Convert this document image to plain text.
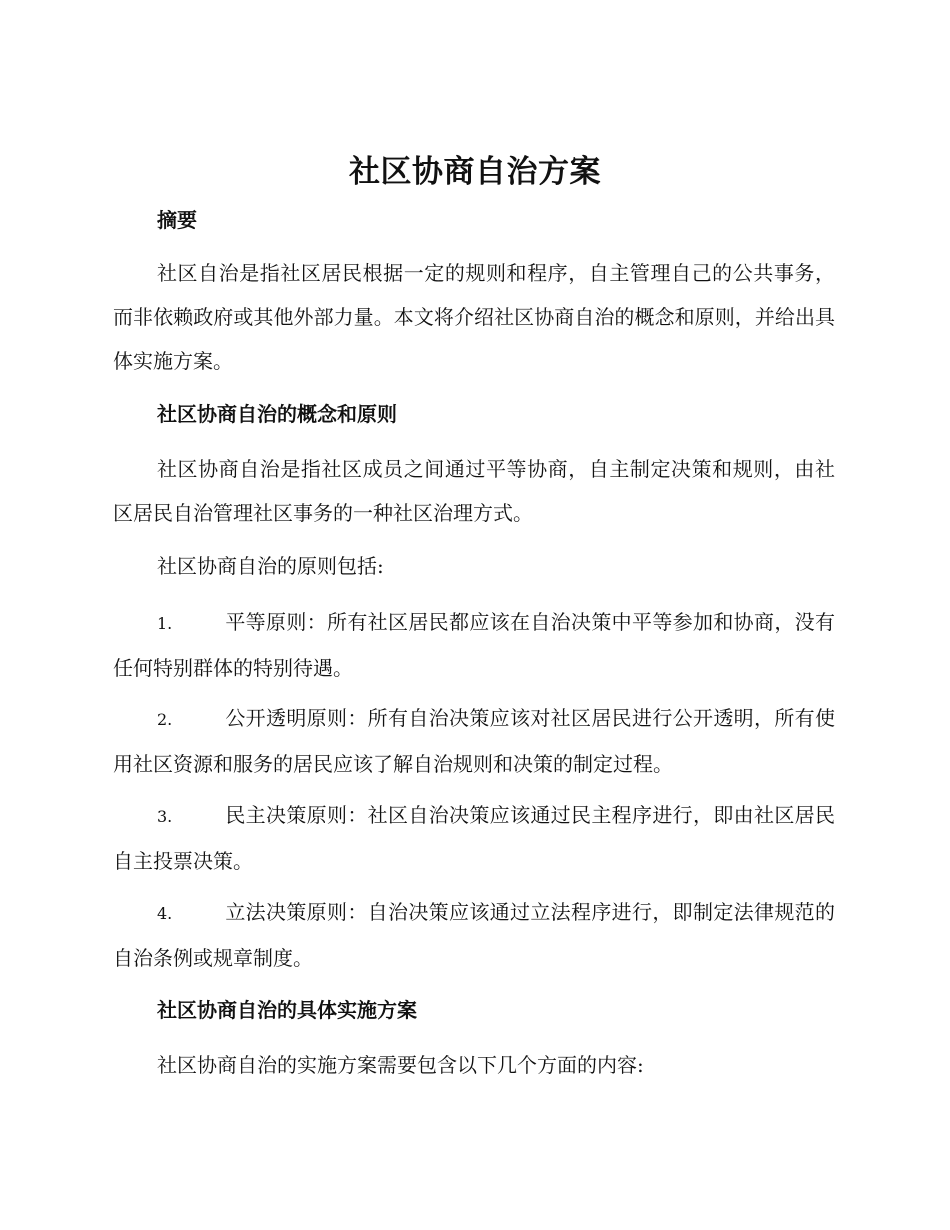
社区协商自治方案
摘要

社区自治是指社区居民根据一定的规则和程序，自主管理自己的公共事务，而非依赖政府或其他外部力量。本文将介绍社区协商自治的概念和原则，并给出具体实施方案。

社区协商自治的概念和原则

社区协商自治是指社区成员之间通过平等协商，自主制定决策和规则，由社区居民自治管理社区事务的一种社区治理方式。

社区协商自治的原则包括:

1.	平等原则：所有社区居民都应该在自治决策中平等参加和协商，没有任何特别群体的特别待遇。

2.	公开透明原则：所有自治决策应该对社区居民进行公开透明，所有使用社区资源和服务的居民应该了解自治规则和决策的制定过程。

3.	民主决策原则：社区自治决策应该通过民主程序进行，即由社区居民自主投票决策。

4.	立法决策原则：自治决策应该通过立法程序进行，即制定法律规范的自治条例或规章制度。

社区协商自治的具体实施方案

社区协商自治的实施方案需要包含以下几个方面的内容:
